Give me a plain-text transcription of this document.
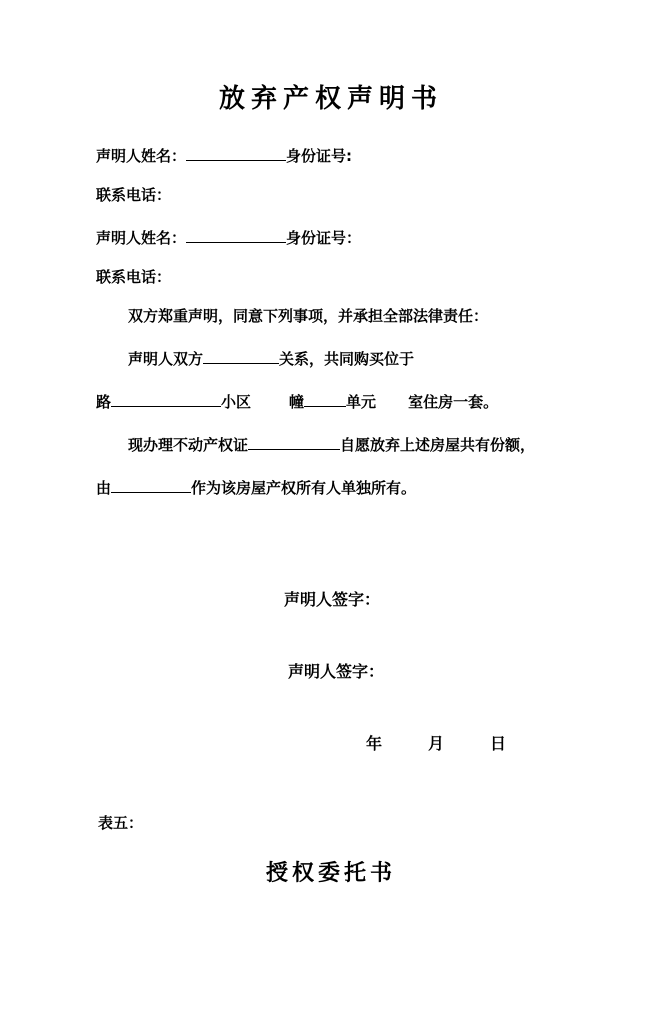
放弃产权声明书
声明人姓名：	身份证号:
联系电话：
声明人姓名：	身份证号：
联系电话：
双方郑重声明，同意下列事项，并承担全部法律责任：
声明人双方	关系，共同购买位于
路	小区	幢	单元 室住房一套。
现办理不动产权证	自愿放弃上述房屋共有份额，
由	作为该房屋产权所有人单独所有。
声明人签字：
声明人签字：
年	月	日
表五：
授权委托书
